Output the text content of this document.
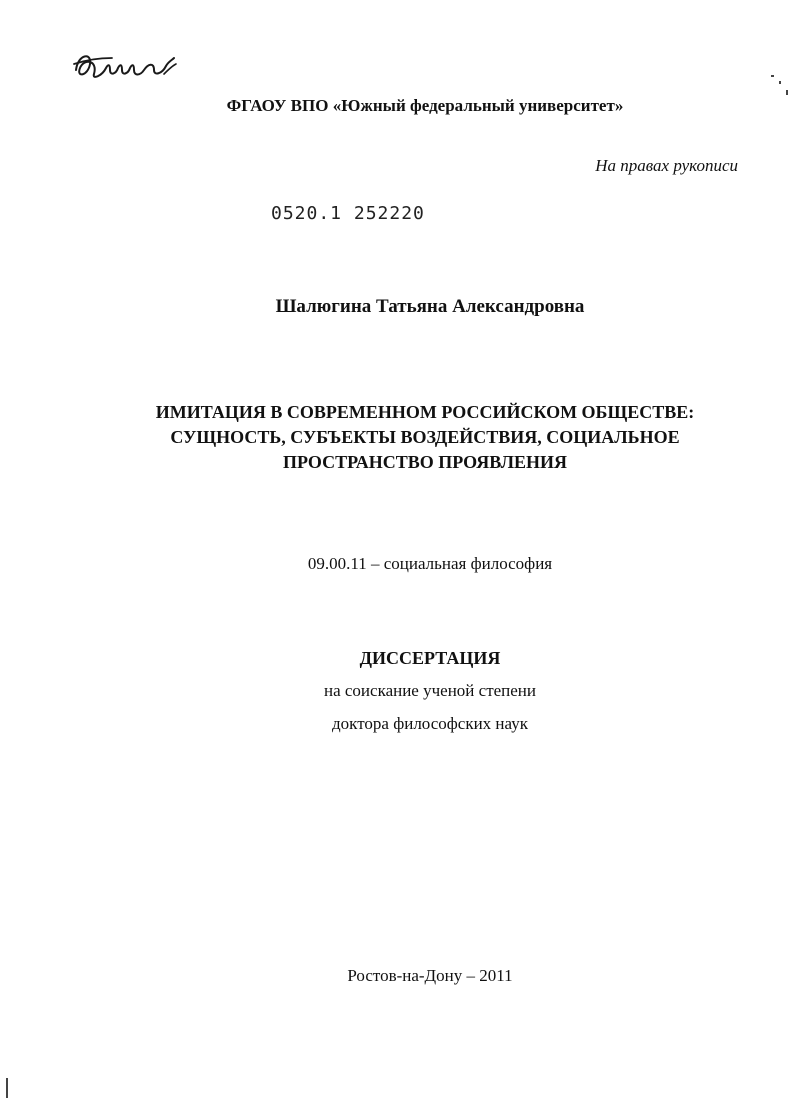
ФГАОУ ВПО «Южный федеральный университет»
На правах рукописи
0520.1 252220
Шалюгина Татьяна Александровна
ИМИТАЦИЯ В СОВРЕМЕННОМ РОССИЙСКОМ ОБЩЕСТВЕ:
СУЩНОСТЬ, СУБЪЕКТЫ ВОЗДЕЙСТВИЯ, СОЦИАЛЬНОЕ
ПРОСТРАНСТВО ПРОЯВЛЕНИЯ
09.00.11 – социальная философия
ДИССЕРТАЦИЯ
на соискание ученой степени
доктора философских наук
Ростов-на-Дону – 2011
